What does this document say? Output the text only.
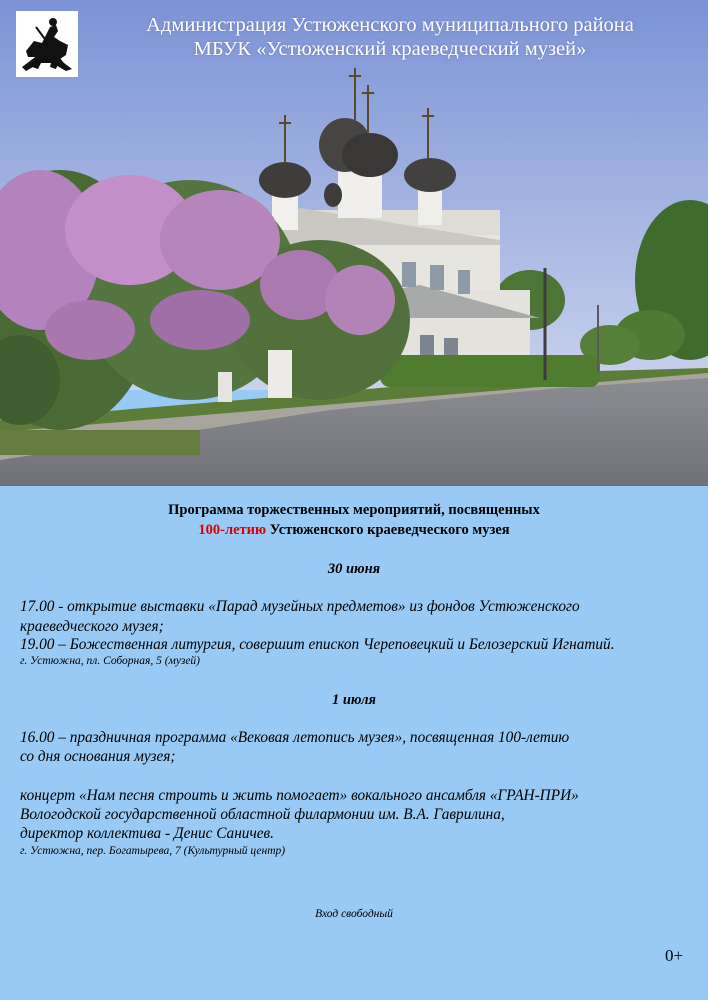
Администрация Устюженского муниципального района
МБУК «Устюженский краеведческий музей»
Программа торжественных мероприятий, посвященных
100-летию Устюженского краеведческого музея
30 июня
17.00 - открытие выставки «Парад музейных предметов» из фондов Устюженского
краеведческого музея;
19.00 – Божественная литургия, совершит епископ Череповецкий и Белозерский Игнатий.
г. Устюжна, пл. Соборная, 5 (музей)
1 июля
16.00 – праздничная программа «Вековая летопись музея», посвященная 100-летию
со дня основания музея;
концерт «Нам песня строить и жить помогает» вокального ансамбля «ГРАН-ПРИ»
Вологодской государственной областной филармонии им. В.А. Гаврилина,
директор коллектива - Денис Саничев.
г. Устюжна, пер. Богатырева, 7 (Культурный центр)
Вход свободный
0+
